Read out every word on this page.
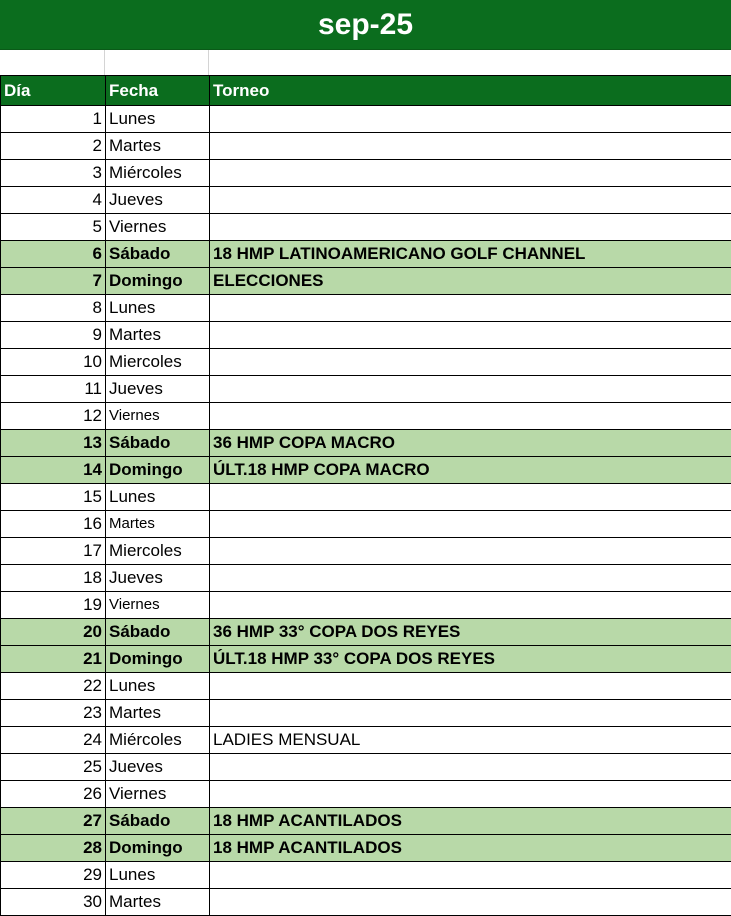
sep-25
Día	Fecha	Torneo
1	Lunes	
2	Martes	
3	Miércoles	
4	Jueves	
5	Viernes	
6	Sábado	18 HMP LATINOAMERICANO GOLF CHANNEL
7	Domingo	ELECCIONES
8	Lunes	
9	Martes	
10	Miercoles	
11	Jueves	
12	Viernes	
13	Sábado	36 HMP COPA MACRO
14	Domingo	ÚLT.18 HMP COPA MACRO
15	Lunes	
16	Martes	
17	Miercoles	
18	Jueves	
19	Viernes	
20	Sábado	36 HMP 33° COPA DOS REYES
21	Domingo	ÚLT.18 HMP 33° COPA DOS REYES
22	Lunes	
23	Martes	
24	Miércoles	LADIES MENSUAL
25	Jueves	
26	Viernes	
27	Sábado	18 HMP ACANTILADOS
28	Domingo	18 HMP ACANTILADOS
29	Lunes	
30	Martes	
